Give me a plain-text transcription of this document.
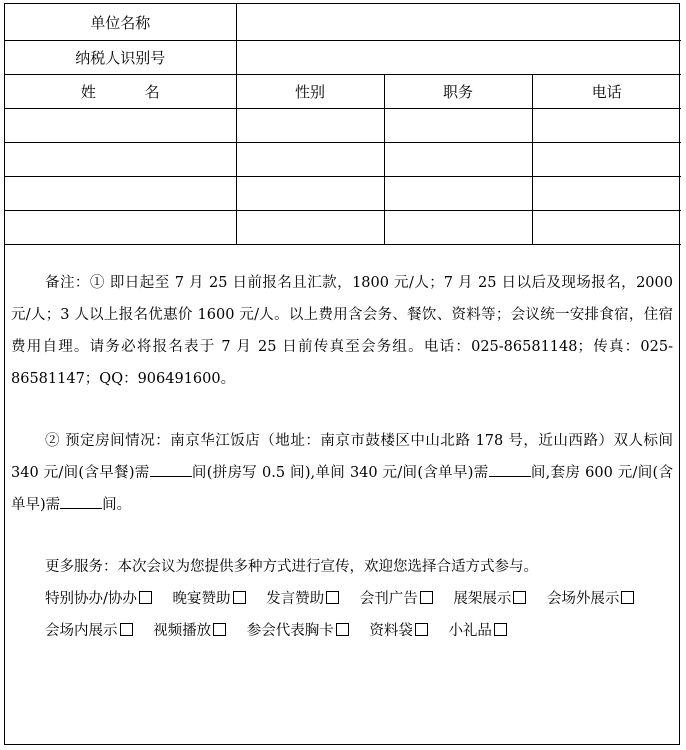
单位名称			
纳税人识别号			
姓 名	性别	职务	电话

备注：① 即日起至 7 月 25 日前报名且汇款，1800 元/人；7 月 25 日以后及现场报名，2000 元/人；3 人以上报名优惠价 1600 元/人。以上费用含会务、餐饮、资料等；会议统一安排食宿，住宿费用自理。请务必将报名表于 7 月 25 日前传真至会务组。电话：025-86581148；传真：025-86581147；QQ：906491600。
② 预定房间情况：南京华江饭店（地址：南京市鼓楼区中山北路 178 号，近山西路）双人标间 340 元/间(含早餐)需	间(拼房写 0.5 间),单间 340 元/间(含单早)需	间,套房 600 元/间(含单早)需	间。
更多服务：本次会议为您提供多种方式进行宣传，欢迎您选择合适方式参与。
特别协办/协办 晚宴赞助 发言赞助 会刊广告 展架展示 会场外展示
会场内展示 视频播放 参会代表胸卡 资料袋 小礼品
